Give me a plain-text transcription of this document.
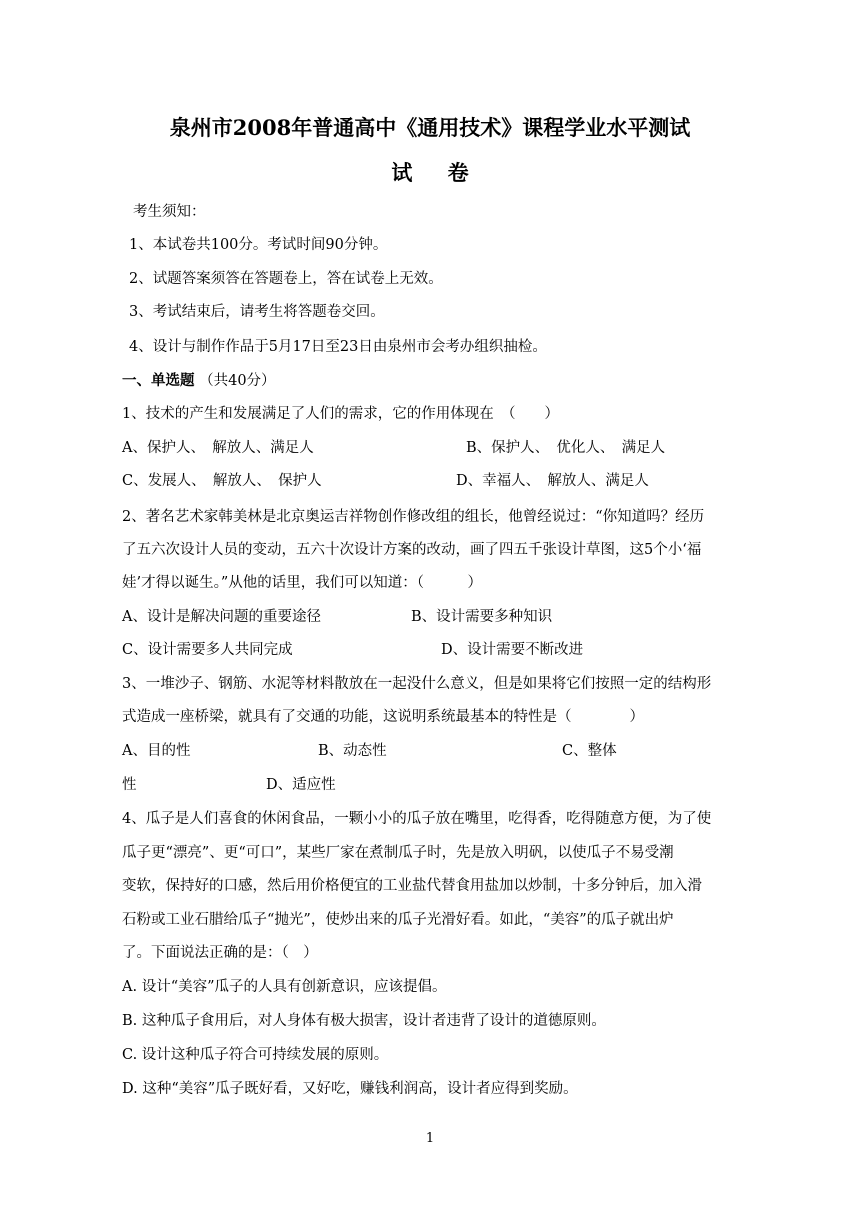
泉州市2008年普通高中《通用技术》课程学业水平测试
试 卷
考生须知：
1、本试卷共100分。考试时间90分钟。
2、试题答案须答在答题卷上，答在试卷上无效。
3、考试结束后，请考生将答题卷交回。
4、设计与制作作品于5月17日至23日由泉州市会考办组织抽检。
一、单选题 （共40分）
1、技术的产生和发展满足了人们的需求，它的作用体现在　（　　）
A、保护人、　解放人、满足人	B、保护人、　优化人、　满足人
C、发展人、　解放人、　保护人	D、幸福人、　解放人、满足人
2、著名艺术家韩美林是北京奥运吉祥物创作修改组的组长，他曾经说过：“你知道吗？经历
了五六次设计人员的变动，五六十次设计方案的改动，画了四五千张设计草图，这5个小‘福
娃’才得以诞生。”从他的话里，我们可以知道：（　　　）
A、设计是解决问题的重要途径	B、设计需要多种知识
C、设计需要多人共同完成	D、设计需要不断改进
3、一堆沙子、钢筋、水泥等材料散放在一起没什么意义，但是如果将它们按照一定的结构形
式造成一座桥梁，就具有了交通的功能，这说明系统最基本的特性是（　　　　）
A、目的性	B、动态性	C、整体
性	D、适应性
4、瓜子是人们喜食的休闲食品，一颗小小的瓜子放在嘴里，吃得香，吃得随意方便，为了使
瓜子更“漂亮”、更“可口”，某些厂家在煮制瓜子时，先是放入明矾，以使瓜子不易受潮
变软，保持好的口感，然后用价格便宜的工业盐代替食用盐加以炒制，十多分钟后，加入滑
石粉或工业石腊给瓜子“抛光”，使炒出来的瓜子光滑好看。如此，“美容”的瓜子就出炉
了。下面说法正确的是：（　）
A. 设计“美容”瓜子的人具有创新意识，应该提倡。
B. 这种瓜子食用后，对人身体有极大损害，设计者违背了设计的道德原则。
C. 设计这种瓜子符合可持续发展的原则。
D. 这种“美容”瓜子既好看，又好吃，赚钱利润高，设计者应得到奖励。
1
